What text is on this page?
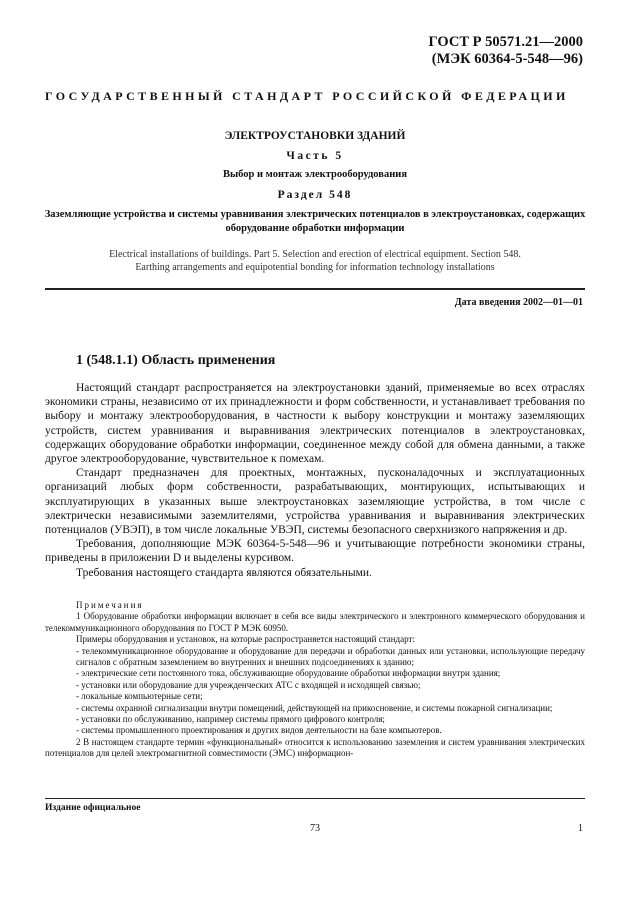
ГОСТ Р 50571.21—2000
(МЭК 60364-5-548—96)
ГОСУДАРСТВЕННЫЙ СТАНДАРТ РОССИЙСКОЙ ФЕДЕРАЦИИ
ЭЛЕКТРОУСТАНОВКИ ЗДАНИЙ
Часть 5
Выбор и монтаж электрооборудования
Раздел 548
Заземляющие устройства и системы уравнивания электрических потенциалов в электроустановках, содержащих оборудование обработки информации
Electrical installations of buildings. Part 5. Selection and erection of electrical equipment. Section 548.
Earthing arrangements and equipotential bonding for information technology installations
Дата введения 2002—01—01
1 (548.1.1) Область применения

Настоящий стандарт распространяется на электроустановки зданий, применяемые во всех отраслях экономики страны, независимо от их принадлежности и форм собственности, и устанавливает требования по выбору и монтажу электрооборудования, в частности к выбору конструкции и монтажу заземляющих устройств, систем уравнивания и выравнивания электрических потенциалов в электроустановках, содержащих оборудование обработки информации, соединенное между собой для обмена данными, а также другое электрооборудование, чувствительное к помехам.

Стандарт предназначен для проектных, монтажных, пусконаладочных и эксплуатационных организаций любых форм собственности, разрабатывающих, монтирующих, испытывающих и эксплуатирующих в указанных выше электроустановках заземляющие устройства, в том числе с электрически независимыми заземлителями, устройства уравнивания и выравнивания электрических потенциалов (УВЭП), в том числе локальные УВЭП, системы безопасного сверхнизкого напряжения и др.

Требования, дополняющие МЭК 60364-5-548—96 и учитывающие потребности экономики страны, приведены в приложении D и выделены курсивом.

Требования настоящего стандарта являются обязательными.

Примечания

1 Оборудование обработки информации включает в себя все виды электрического и электронного коммерческого оборудования и телекоммуникационного оборудования по ГОСТ Р МЭК 60950.

Примеры оборудования и установок, на которые распространяется настоящий стандарт:

- телекоммуникационное оборудование и оборудование для передачи и обработки данных или установки, использующие передачу сигналов с обратным заземлением во внутренних и внешних подсоединениях к зданию;

- электрические сети постоянного тока, обслуживающие оборудование обработки информации внутри здания;

- установки или оборудование для учрежденческих АТС с входящей и исходящей связью;

- локальные компьютерные сети;

- системы охранной сигнализации внутри помещений, действующей на прикосновение, и системы пожарной сигнализации;

- установки по обслуживанию, например системы прямого цифрового контроля;

- системы промышленного проектирования и других видов деятельности на базе компьютеров.

2 В настоящем стандарте термин «функциональный» относится к использованию заземления и систем уравнивания электрических потенциалов для целей электромагнитной совместимости (ЭМС) информацион-

Издание официальное
73	1
